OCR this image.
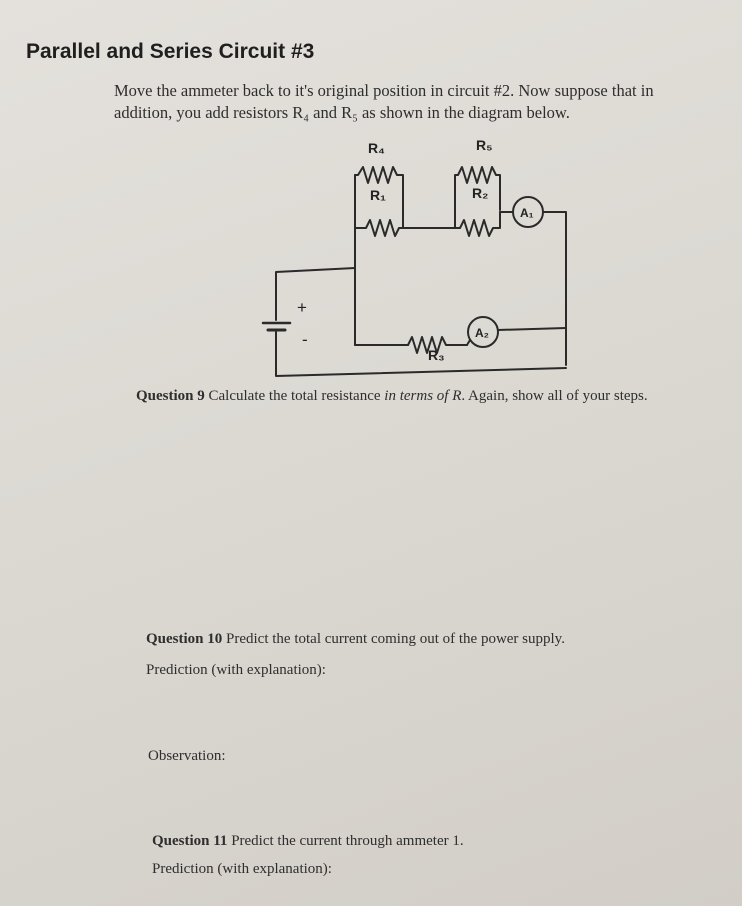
Parallel and Series Circuit #3
Move the ammeter back to it's original position in circuit #2. Now suppose that in addition, you add resistors R₄ and R₅ as shown in the diagram below.
R₄	R₅
R₁	R₂
A₁
A₂
R₃
+
-
Question 9 Calculate the total resistance in terms of R. Again, show all of your steps.
Question 10 Predict the total current coming out of the power supply.
Prediction (with explanation):
Observation:
Question 11 Predict the current through ammeter 1.
Prediction (with explanation):
